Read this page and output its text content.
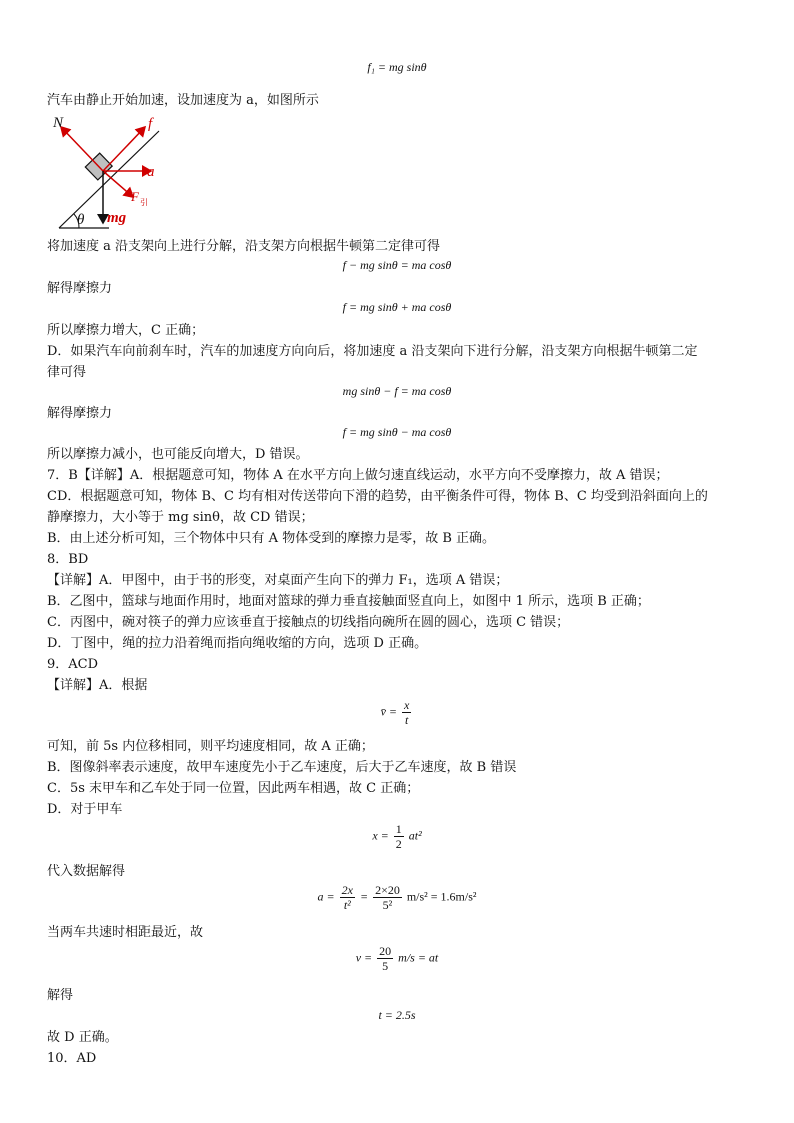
f₁ = mg sinθ
汽车由静止开始加速，设加速度为 a，如图所示
N	f
a
F 引
mg
θ
将加速度 a 沿支架向上进行分解，沿支架方向根据牛顿第二定律可得
f − mg sinθ = ma cosθ
解得摩擦力
f = mg sinθ + ma cosθ
所以摩擦力增大，C 正确；
D．如果汽车向前刹车时，汽车的加速度方向向后，将加速度 a 沿支架向下进行分解，沿支架方向根据牛顿第二定
律可得
mg sinθ − f = ma cosθ
解得摩擦力
f = mg sinθ − ma cosθ
所以摩擦力减小，也可能反向增大，D 错误。
7．B【详解】A．根据题意可知，物体 A 在水平方向上做匀速直线运动，水平方向不受摩擦力，故 A 错误；
CD．根据题意可知，物体 B、C 均有相对传送带向下滑的趋势，由平衡条件可得，物体 B、C 均受到沿斜面向上的
静摩擦力，大小等于 mg sinθ，故 CD 错误；
B．由上述分析可知，三个物体中只有 A 物体受到的摩擦力是零，故 B 正确。
8．BD
【详解】A．甲图中，由于书的形变，对桌面产生向下的弹力 F₁，选项 A 错误；
B．乙图中，篮球与地面作用时，地面对篮球的弹力垂直接触面竖直向上，如图中 1 所示，选项 B 正确；
C．丙图中，碗对筷子的弹力应该垂直于接触点的切线指向碗所在圆的圆心，选项 C 错误；
D．丁图中，绳的拉力沿着绳而指向绳收缩的方向，选项 D 正确。
9．ACD
【详解】A．根据
v̄ = $\frac{x}{t}$
可知，前 5s 内位移相同，则平均速度相同，故 A 正确；
B．图像斜率表示速度，故甲车速度先小于乙车速度，后大于乙车速度，故 B 错误
C．5s 末甲车和乙车处于同一位置，因此两车相遇，故 C 正确；
D．对于甲车
$x = \frac{1}{2} at^2$
代入数据解得
$a = \frac{2x}{\text{t²}} = \frac{2\times 20}{\text{5²}} m/s^2 = 1.6m/s^2$
当两车共速时相距最近，故
$v = \frac{20}{5} m/s$ = at
解得
t = 2.5s
故 D 正确。
10．AD
